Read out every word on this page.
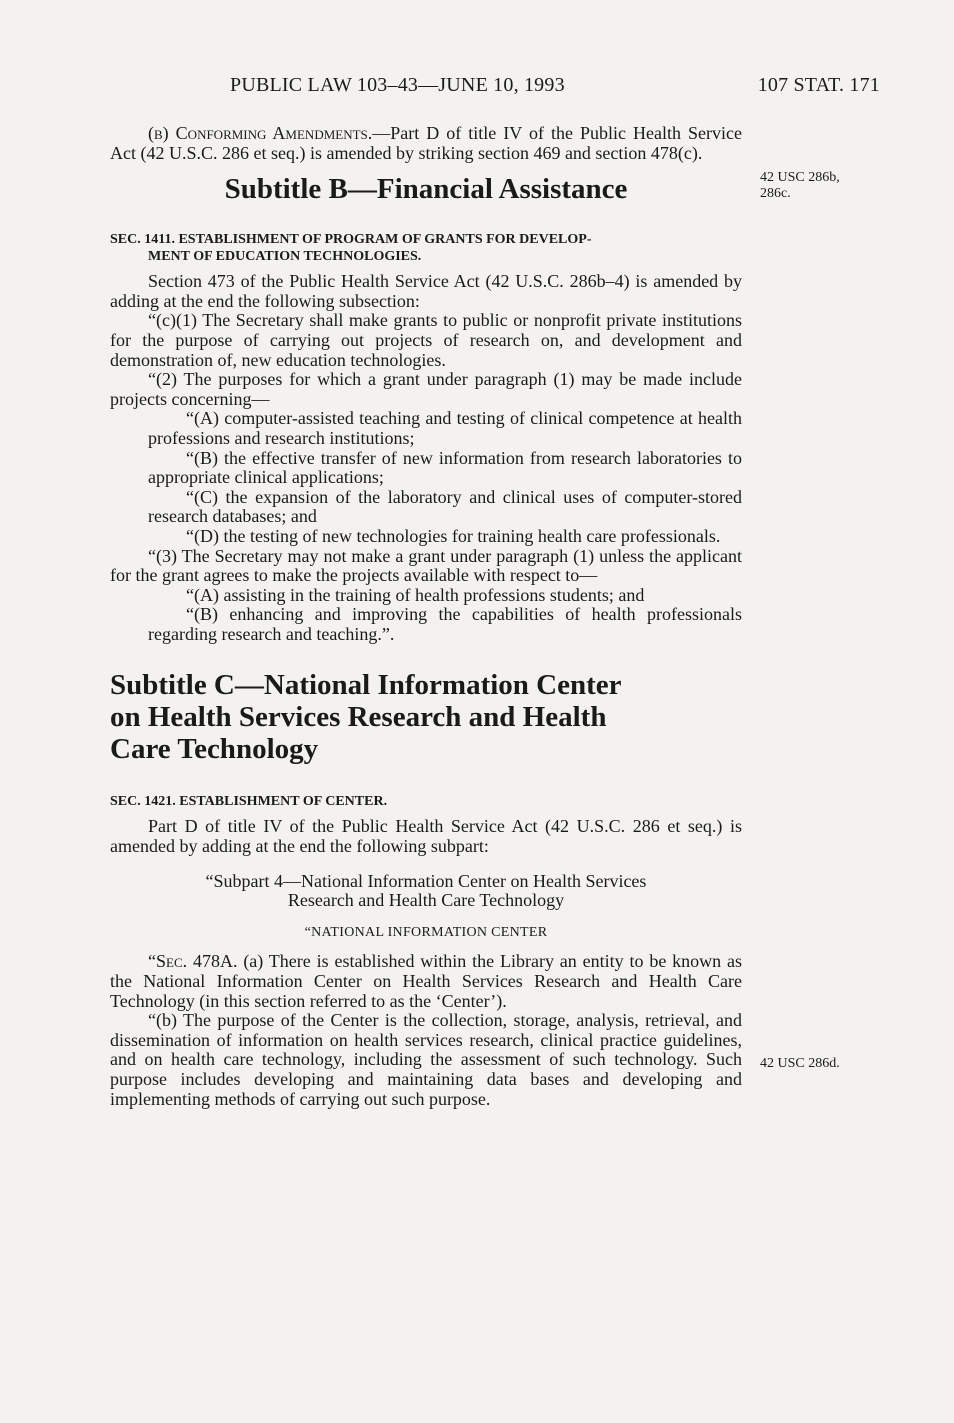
PUBLIC LAW 103–43—JUNE 10, 1993	107 STAT. 171
42 USC 286b,
286c.
42 USC 286d.

(b) Conforming Amendments.—Part D of title IV of the Public Health Service Act (42 U.S.C. 286 et seq.) is amended by striking section 469 and section 478(c).

Subtitle B—Financial Assistance
SEC. 1411. ESTABLISHMENT OF PROGRAM OF GRANTS FOR DEVELOP-
MENT OF EDUCATION TECHNOLOGIES.

Section 473 of the Public Health Service Act (42 U.S.C. 286b–4) is amended by adding at the end the following subsection:

“(c)(1) The Secretary shall make grants to public or nonprofit private institutions for the purpose of carrying out projects of research on, and development and demonstration of, new education technologies.

“(2) The purposes for which a grant under paragraph (1) may be made include projects concerning—

“(A) computer-assisted teaching and testing of clinical competence at health professions and research institutions;

“(B) the effective transfer of new information from research laboratories to appropriate clinical applications;

“(C) the expansion of the laboratory and clinical uses of computer-stored research databases; and

“(D) the testing of new technologies for training health care professionals.

“(3) The Secretary may not make a grant under paragraph (1) unless the applicant for the grant agrees to make the projects available with respect to—

“(A) assisting in the training of health professions students; and

“(B) enhancing and improving the capabilities of health professionals regarding research and teaching.”.

Subtitle C—National Information Center
on Health Services Research and Health
Care Technology
SEC. 1421. ESTABLISHMENT OF CENTER.

Part D of title IV of the Public Health Service Act (42 U.S.C. 286 et seq.) is amended by adding at the end the following subpart:

“Subpart 4—National Information Center on Health Services
Research and Health Care Technology
“NATIONAL INFORMATION CENTER

“Sec. 478A. (a) There is established within the Library an entity to be known as the National Information Center on Health Services Research and Health Care Technology (in this section referred to as the ‘Center’).

“(b) The purpose of the Center is the collection, storage, analysis, retrieval, and dissemination of information on health services research, clinical practice guidelines, and on health care technology, including the assessment of such technology. Such purpose includes developing and maintaining data bases and developing and implementing methods of carrying out such purpose.
